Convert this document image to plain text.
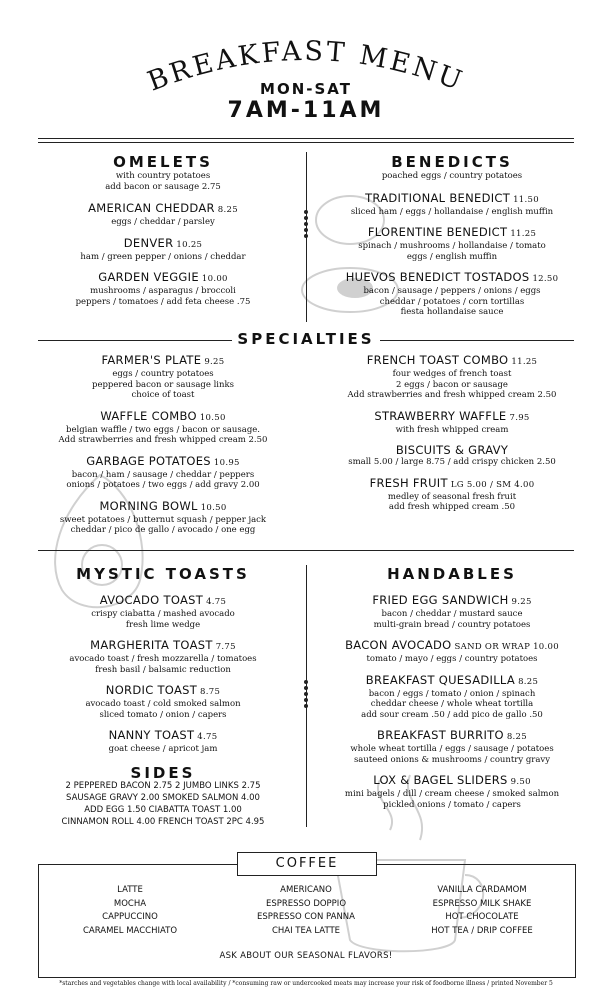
BREAKFAST MENU
MON-SAT
7AM-11AM
OMELETS
with country potatoes
add bacon or sausage 2.75
AMERICAN CHEDDAR 8.25
eggs / cheddar / parsley
DENVER 10.25
ham / green pepper / onions / cheddar
GARDEN VEGGIE 10.00
mushrooms / asparagus / broccoli
peppers / tomatoes / add feta cheese .75
BENEDICTS
poached eggs / country potatoes
TRADITIONAL BENEDICT 11.50
sliced ham / eggs / hollandaise / english muffin
FLORENTINE BENEDICT 11.25
spinach / mushrooms / hollandaise / tomato
eggs / english muffin
HUEVOS BENEDICT TOSTADOS 12.50
bacon / sausage / peppers / onions / eggs
cheddar / potatoes / corn tortillas
fiesta hollandaise sauce
SPECIALTIES
FARMER'S PLATE 9.25
eggs / country potatoes
peppered bacon or sausage links
choice of toast
WAFFLE COMBO 10.50
belgian waffle / two eggs / bacon or sausage.
Add strawberries and fresh whipped cream 2.50
GARBAGE POTATOES 10.95
bacon / ham / sausage / cheddar / peppers
onions / potatoes / two eggs / add gravy 2.00
MORNING BOWL 10.50
sweet potatoes / butternut squash / pepper jack
cheddar / pico de gallo / avocado / one egg
FRENCH TOAST COMBO 11.25
four wedges of french toast
2 eggs / bacon or sausage
Add strawberries and fresh whipped cream 2.50
STRAWBERRY WAFFLE 7.95
with fresh whipped cream
BISCUITS & GRAVY
small 5.00 / large 8.75 / add crispy chicken 2.50
FRESH FRUIT LG 5.00 / SM 4.00
medley of seasonal fresh fruit
add fresh whipped cream .50
MYSTIC TOASTS
AVOCADO TOAST 4.75
crispy ciabatta / mashed avocado
fresh lime wedge
MARGHERITA TOAST 7.75
avocado toast / fresh mozzarella / tomatoes
fresh basil / balsamic reduction
NORDIC TOAST 8.75
avocado toast / cold smoked salmon
sliced tomato / onion / capers
NANNY TOAST 4.75
goat cheese / apricot jam
SIDES
2 PEPPERED BACON 2.75 2 JUMBO LINKS 2.75
SAUSAGE GRAVY 2.00 SMOKED SALMON 4.00
ADD EGG 1.50 CIABATTA TOAST 1.00
CINNAMON ROLL 4.00 FRENCH TOAST 2PC 4.95
HANDABLES
FRIED EGG SANDWICH 9.25
bacon / cheddar / mustard sauce
multi-grain bread / country potatoes
BACON AVOCADO SAND OR WRAP 10.00
tomato / mayo / eggs / country potatoes
BREAKFAST QUESADILLA 8.25
bacon / eggs / tomato / onion / spinach
cheddar cheese / whole wheat tortilla
add sour cream .50 / add pico de gallo .50
BREAKFAST BURRITO 8.25
whole wheat tortilla / eggs / sausage / potatoes
sauteed onions & mushrooms / country gravy
LOX & BAGEL SLIDERS 9.50
mini bagels / dill / cream cheese / smoked salmon
pickled onions / tomato / capers
COFFEE
LATTE
MOCHA
CAPPUCCINO
CARAMEL MACCHIATO
AMERICANO
ESPRESSO DOPPIO
ESPRESSO CON PANNA
CHAI TEA LATTE
VANILLA CARDAMOM
ESPRESSO MILK SHAKE
HOT CHOCOLATE
HOT TEA / DRIP COFFEE
ASK ABOUT OUR SEASONAL FLAVORS!
*starches and vegetables change with local availability / *consuming raw or undercooked meats may increase your risk of foodborne illness / printed November 5
